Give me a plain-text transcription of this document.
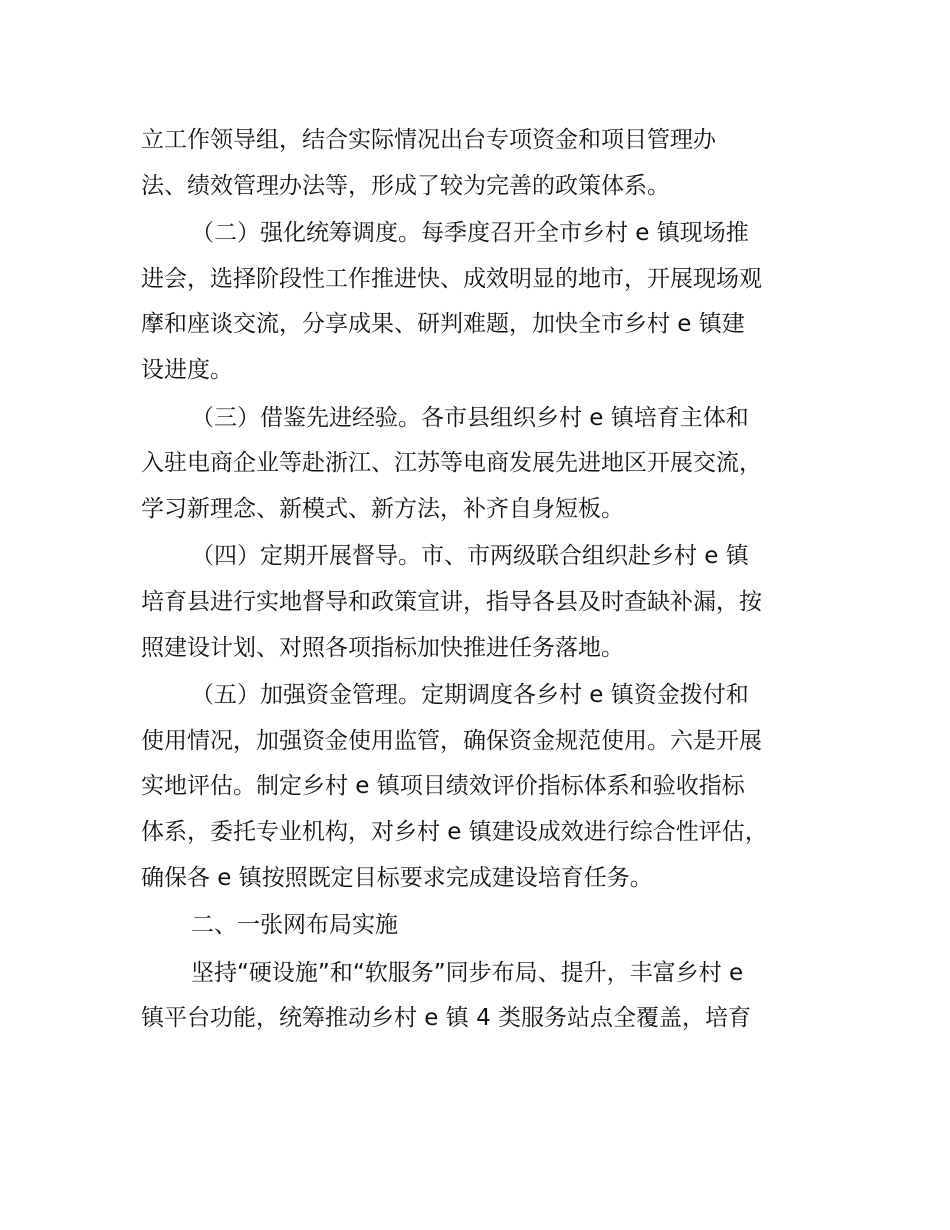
立工作领导组，结合实际情况出台专项资金和项目管理办
法、绩效管理办法等，形成了较为完善的政策体系。

（二）强化统筹调度。每季度召开全市乡村 e 镇现场推
进会，选择阶段性工作推进快、成效明显的地市，开展现场观
摩和座谈交流，分享成果、研判难题，加快全市乡村 e 镇建
设进度。

（三）借鉴先进经验。各市县组织乡村 e 镇培育主体和
入驻电商企业等赴浙江、江苏等电商发展先进地区开展交流，
学习新理念、新模式、新方法，补齐自身短板。

（四）定期开展督导。市、市两级联合组织赴乡村 e 镇
培育县进行实地督导和政策宣讲，指导各县及时查缺补漏，按
照建设计划、对照各项指标加快推进任务落地。

（五）加强资金管理。定期调度各乡村 e 镇资金拨付和
使用情况，加强资金使用监管，确保资金规范使用。六是开展
实地评估。制定乡村 e 镇项目绩效评价指标体系和验收指标
体系，委托专业机构，对乡村 e 镇建设成效进行综合性评估，
确保各 e 镇按照既定目标要求完成建设培育任务。

二、一张网布局实施

坚持“硬设施”和“软服务”同步布局、提升，丰富乡村 e
镇平台功能，统筹推动乡村 e 镇 4 类服务站点全覆盖，培育
